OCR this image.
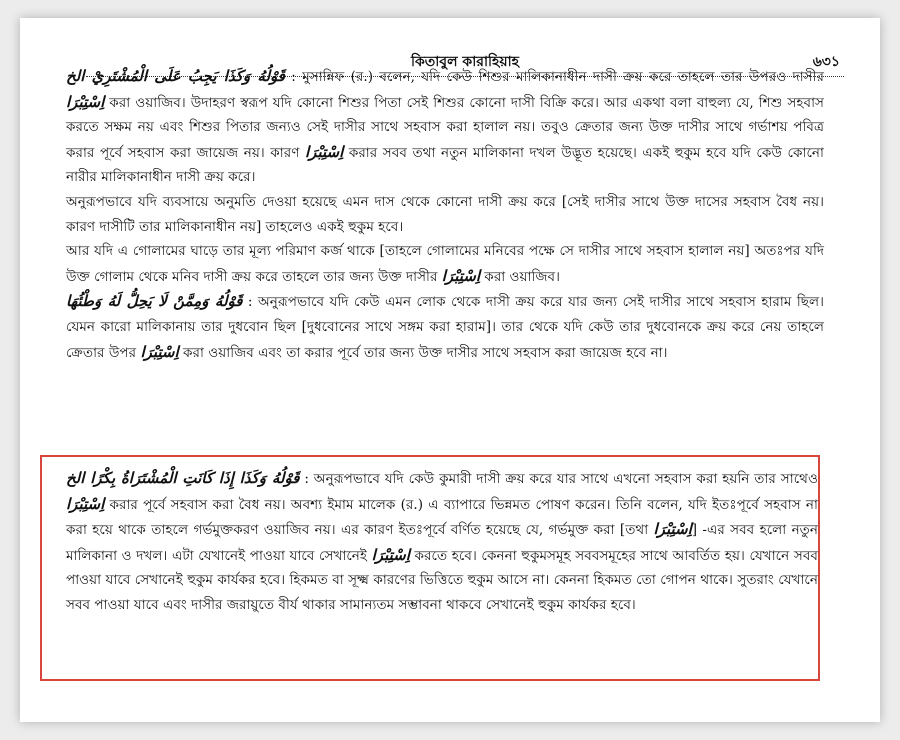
কিতাবুল কারাহিয়াহ	৬৩১

قَوْلُهُ وَكَذَا يَجِبُ عَلَى الْمُشْتَرِيْ الخ : মুসান্নিফ (র.) বলেন, যদি কেউ শিশুর মালিকানাধীন দাসী ক্রয় করে তাহলে তার উপরও দাসীর اِسْتِبْرَا করা ওয়াজিব। উদাহরণ স্বরূপ যদি কোনো শিশুর পিতা সেই শিশুর কোনো দাসী বিক্রি করে। আর একথা বলা বাহুল্য যে, শিশু সহবাস করতে সক্ষম নয় এবং শিশুর পিতার জন্যও সেই দাসীর সাথে সহবাস করা হালাল নয়। তবুও ক্রেতার জন্য উক্ত দাসীর সাথে গর্ভাশয় পবিত্র করার পূর্বে সহবাস করা জায়েজ নয়। কারণ اِسْتِبْرَا করার সবব তথা নতুন মালিকানা দখল উদ্ভূত হয়েছে। একই হুকুম হবে যদি কেউ কোনো নারীর মালিকানাধীন দাসী ক্রয় করে।

অনুরূপভাবে যদি ব্যবসায়ে অনুমতি দেওয়া হয়েছে এমন দাস থেকে কোনো দাসী ক্রয় করে [সেই দাসীর সাথে উক্ত দাসের সহবাস বৈধ নয়। কারণ দাসীটি তার মালিকানাধীন নয়] তাহলেও একই হুকুম হবে।

আর যদি এ গোলামের ঘাড়ে তার মূল্য পরিমাণ কর্জ থাকে [তাহলে গোলামের মনিবের পক্ষে সে দাসীর সাথে সহবাস হালাল নয়] অতঃপর যদি উক্ত গোলাম থেকে মনিব দাসী ক্রয় করে তাহলে তার জন্য উক্ত দাসীর اِسْتِبْرَا করা ওয়াজিব।

قَوْلُهُ وَمِمَّنْ لَا يَحِلُّ لَهُ وَطْئُهَا : অনুরূপভাবে যদি কেউ এমন লোক থেকে দাসী ক্রয় করে যার জন্য সেই দাসীর সাথে সহবাস হারাম ছিল। যেমন কারো মালিকানায় তার দুধবোন ছিল [দুধবোনের সাথে সঙ্গম করা হারাম]। তার থেকে যদি কেউ তার দুধবোনকে ক্রয় করে নেয় তাহলে ক্রেতার উপর اِسْتِبْرَا করা ওয়াজিব এবং তা করার পূর্বে তার জন্য উক্ত দাসীর সাথে সহবাস করা জায়েজ হবে না।

قَوْلُهُ وَكَذَا إِذَا كَانَتِ الْمُشْتَرَاةُ بِكْرًا الخ : অনুরূপভাবে যদি কেউ কুমারী দাসী ক্রয় করে যার সাথে এখনো সহবাস করা হয়নি তার সাথেও اِسْتِبْرَا করার পূর্বে সহবাস করা বৈধ নয়। অবশ্য ইমাম মালেক (র.) এ ব্যাপারে ভিন্নমত পোষণ করেন। তিনি বলেন, যদি ইতঃপূর্বে সহবাস না করা হয়ে থাকে তাহলে গর্ভমুক্তকরণ ওয়াজিব নয়। এর কারণ ইতঃপূর্বে বর্ণিত হয়েছে যে, গর্ভমুক্ত করা [তথা اِسْتِبْرَا] -এর সবব হলো নতুন মালিকানা ও দখল। এটা যেখানেই পাওয়া যাবে সেখানেই اِسْتِبْرَا করতে হবে। কেননা হুকুমসমূহ সববসমূহের সাথে আবর্তিত হয়। যেখানে সবব পাওয়া যাবে সেখানেই হুকুম কার্যকর হবে। হিকমত বা সূক্ষ্ম কারণের ভিত্তিতে হুকুম আসে না। কেননা হিকমত তো গোপন থাকে। সুতরাং যেখানে সবব পাওয়া যাবে এবং দাসীর জরায়ুতে বীর্য থাকার সামান্যতম সম্ভাবনা থাকবে সেখানেই হুকুম কার্যকর হবে।
